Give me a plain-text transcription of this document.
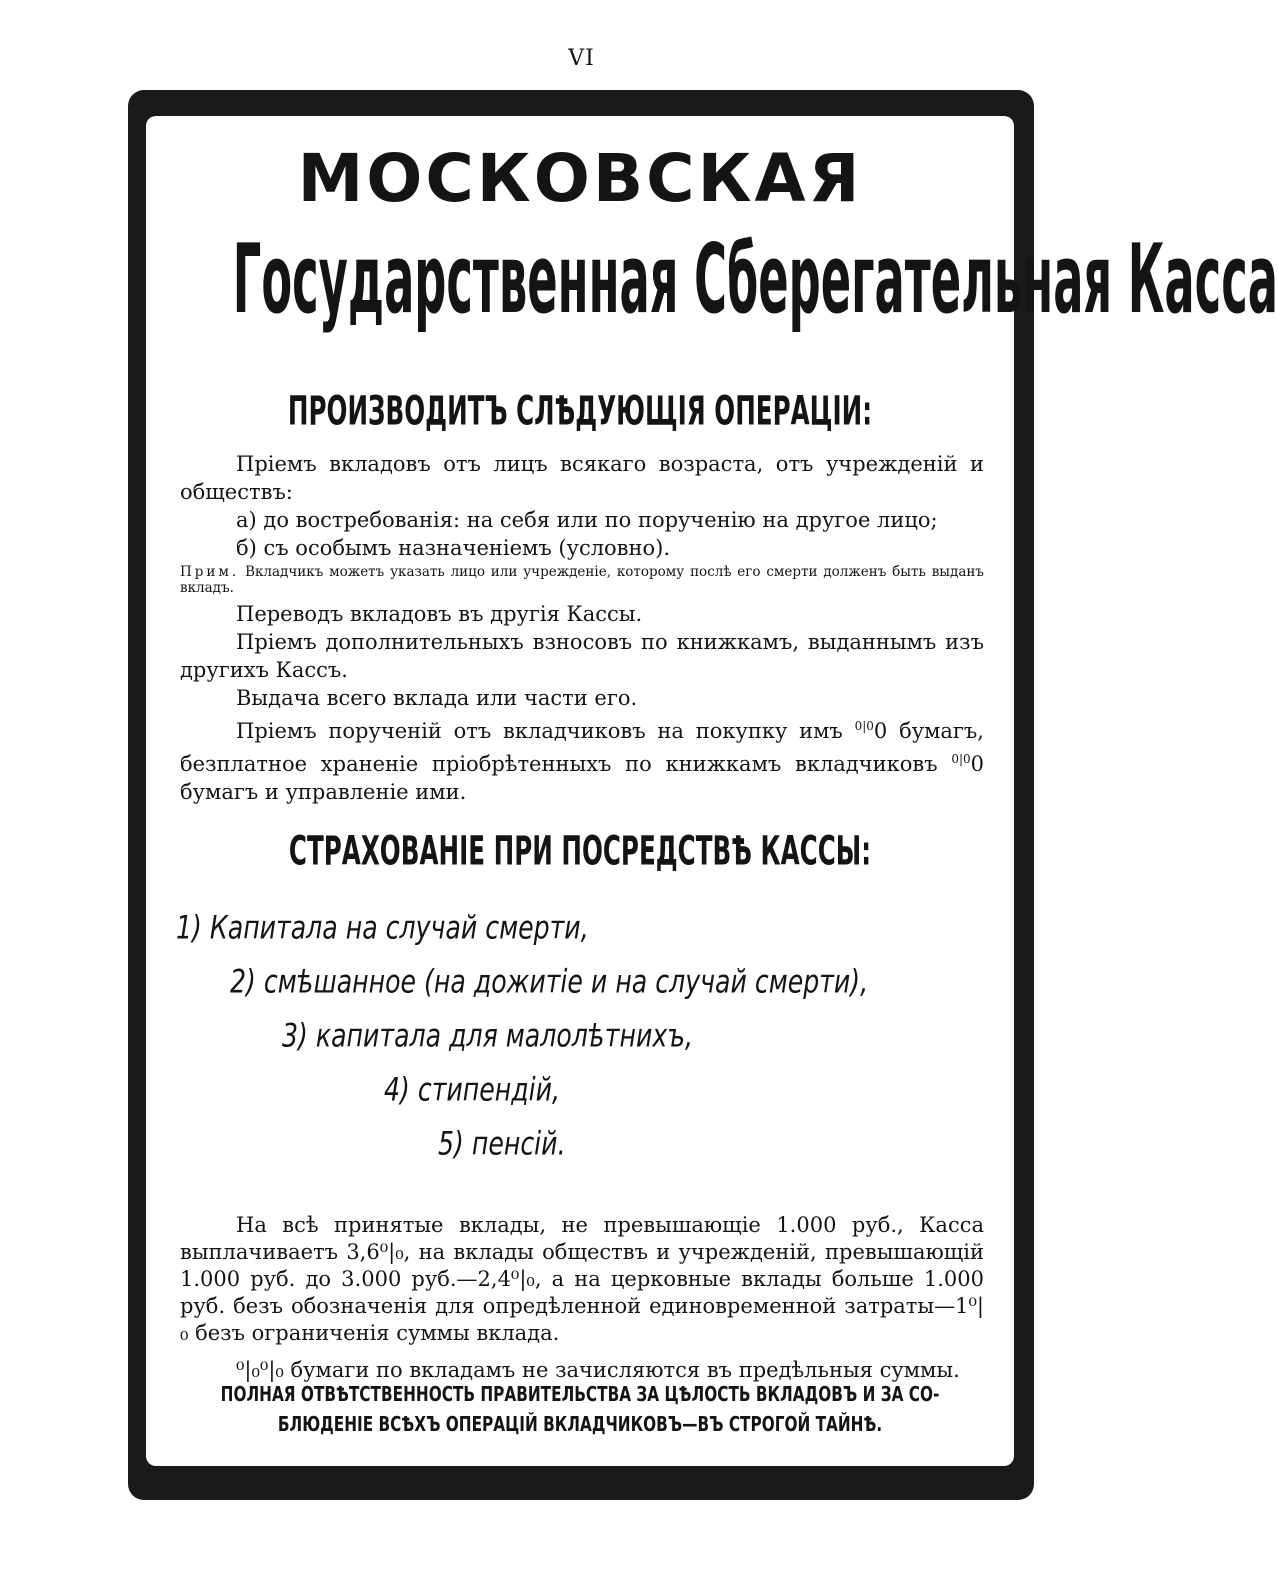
VI
МОСКОВСКАЯ
Государственная Сберегательная Касса
ПРОИЗВОДИТЪ СЛѢДУЮЩІЯ ОПЕРАЦІИ:

Пріемъ вкладовъ отъ лицъ всякаго возраста, отъ учрежденій и обществъ:

а) до востребованія: на себя или по порученію на другое лицо;

б) съ особымъ назначеніемъ (условно).

Прим. Вкладчикъ можетъ указать лицо или учрежденіе, которому послѣ его смерти долженъ быть выданъ вкладъ.

Переводъ вкладовъ въ другія Кассы.

Пріемъ дополнительныхъ взносовъ по книжкамъ, выданнымъ изъ другихъ Кассъ.

Выдача всего вклада или части его.

Пріемъ порученій отъ вкладчиковъ на покупку имъ $^{0|0}$0 бумагъ, безплатное храненіе пріобрѣтенныхъ по книжкамъ вкладчиковъ $^{0|0}$0 бумагъ и управленіе ими.

СТРАХОВАНІЕ ПРИ ПОСРЕДСТВѢ КАССЫ:
1) Капитала на случай смерти,
2) смѣшанное (на дожитіе и на случай смерти),
3) капитала для малолѣтнихъ,
4) стипендій,
5) пенсій.

На всѣ принятые вклады, не превышающіе 1.000 руб., Касса выплачиваетъ 3,6⁰|₀, на вклады обществъ и учрежденій, превышающій 1.000 руб. до 3.000 руб.—2,4⁰|₀, а на церковные вклады больше 1.000 руб. безъ обозначенія для опредѣленной единовременной затраты—1⁰|₀ безъ ограниченія суммы вклада.

⁰|₀⁰|₀ бумаги по вкладамъ не зачисляются въ предѣльныя суммы.

ПОЛНАЯ ОТВѢТСТВЕННОСТЬ ПРАВИТЕЛЬСТВА ЗА ЦѢЛОСТЬ ВКЛАДОВЪ И ЗА СО-
БЛЮДЕНІЕ ВСѢХЪ ОПЕРАЦІЙ ВКЛАДЧИКОВЪ—ВЪ СТРОГОЙ ТАЙНѢ.
